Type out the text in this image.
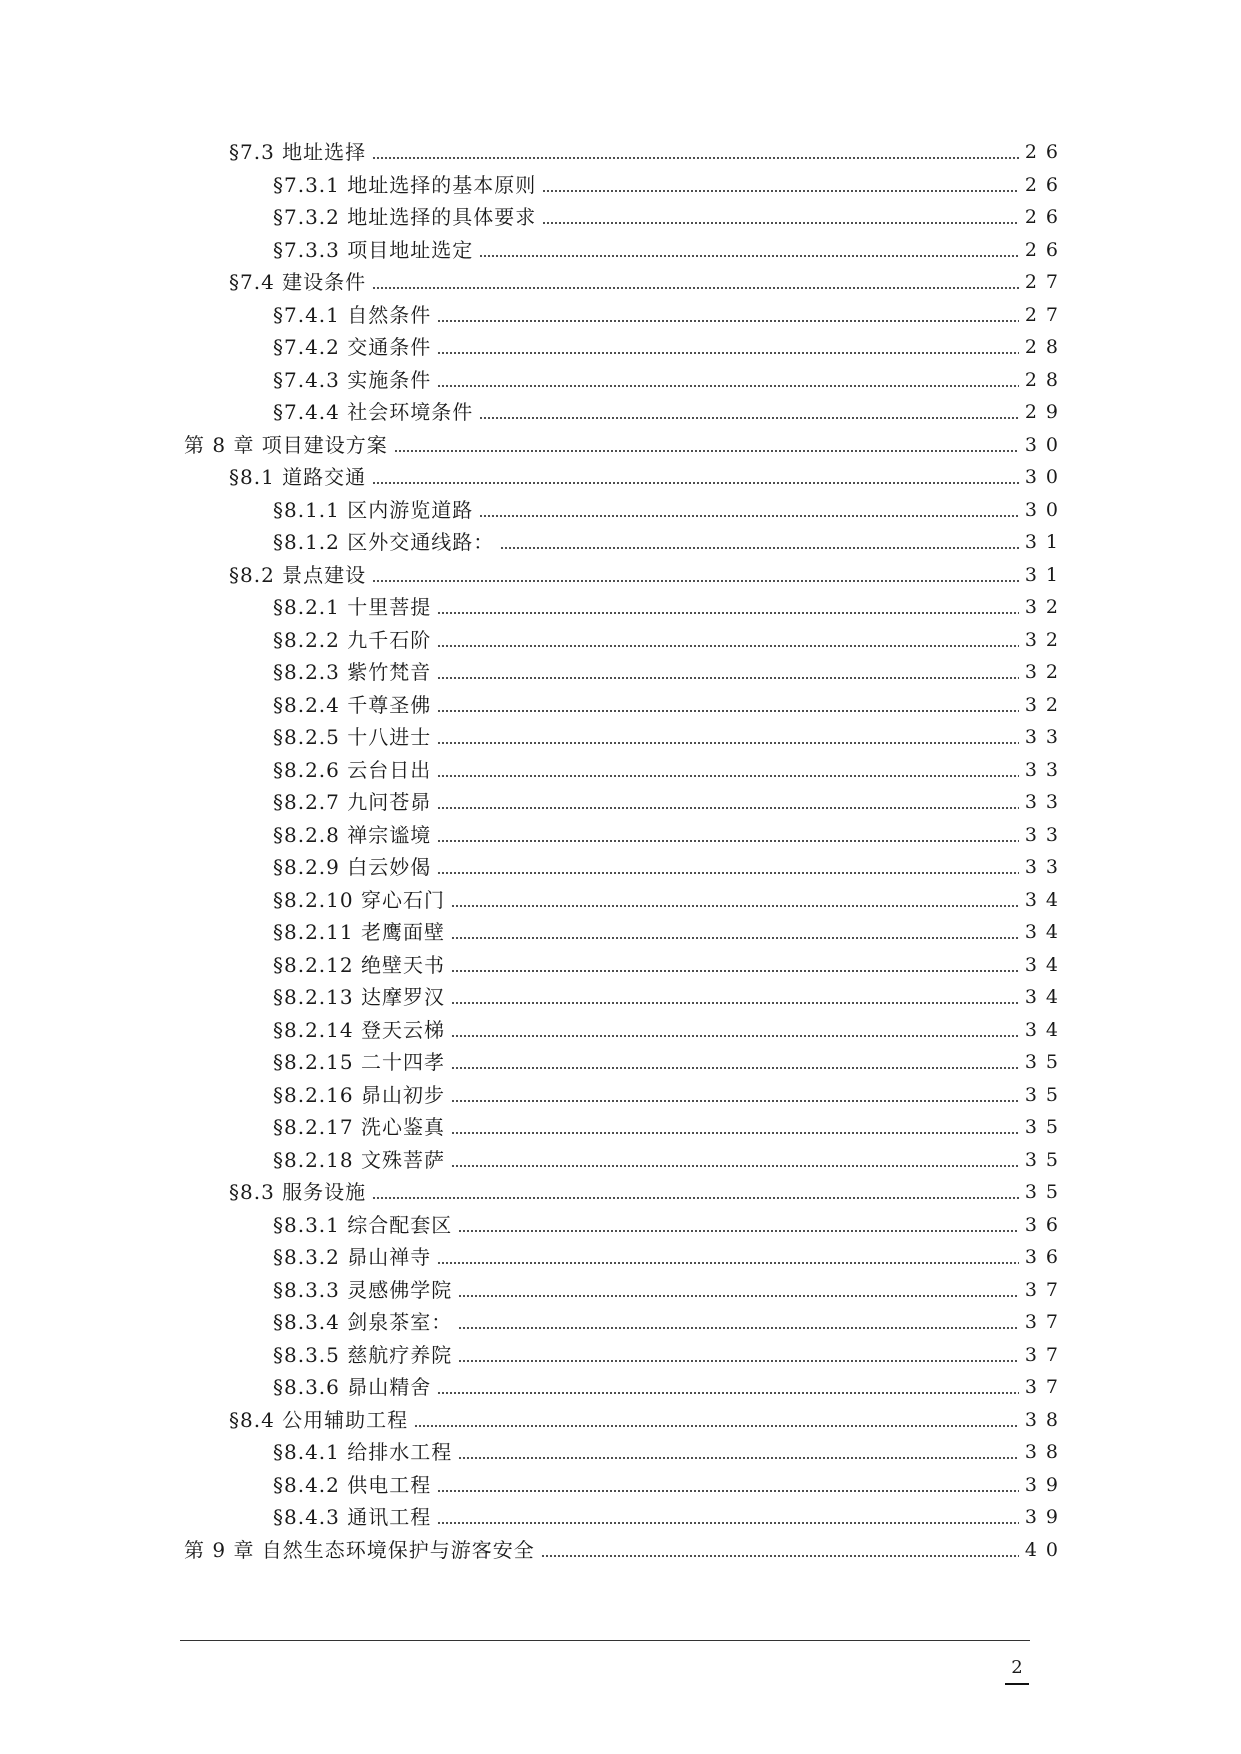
§7.3 地址选择	26
§7.3.1 地址选择的基本原则	26
§7.3.2 地址选择的具体要求	26
§7.3.3 项目地址选定	26
§7.4 建设条件	27
§7.4.1 自然条件	27
§7.4.2 交通条件	28
§7.4.3 实施条件	28
§7.4.4 社会环境条件	29
第 8 章 项目建设方案	30
§8.1 道路交通	30
§8.1.1 区内游览道路	30
§8.1.2 区外交通线路：	31
§8.2 景点建设	31
§8.2.1 十里菩提	32
§8.2.2 九千石阶	32
§8.2.3 紫竹梵音	32
§8.2.4 千尊圣佛	32
§8.2.5 十八进士	33
§8.2.6 云台日出	33
§8.2.7 九问苍昴	33
§8.2.8 禅宗谧境	33
§8.2.9 白云妙偈	33
§8.2.10 穿心石门	34
§8.2.11 老鹰面壁	34
§8.2.12 绝壁天书	34
§8.2.13 达摩罗汉	34
§8.2.14 登天云梯	34
§8.2.15 二十四孝	35
§8.2.16 昴山初步	35
§8.2.17 洗心鉴真	35
§8.2.18 文殊菩萨	35
§8.3 服务设施	35
§8.3.1 综合配套区	36
§8.3.2 昴山禅寺	36
§8.3.3 灵感佛学院	37
§8.3.4 剑泉茶室：	37
§8.3.5 慈航疗养院	37
§8.3.6 昴山精舍	37
§8.4 公用辅助工程	38
§8.4.1 给排水工程	38
§8.4.2 供电工程	39
§8.4.3 通讯工程	39
第 9 章 自然生态环境保护与游客安全	40
2
